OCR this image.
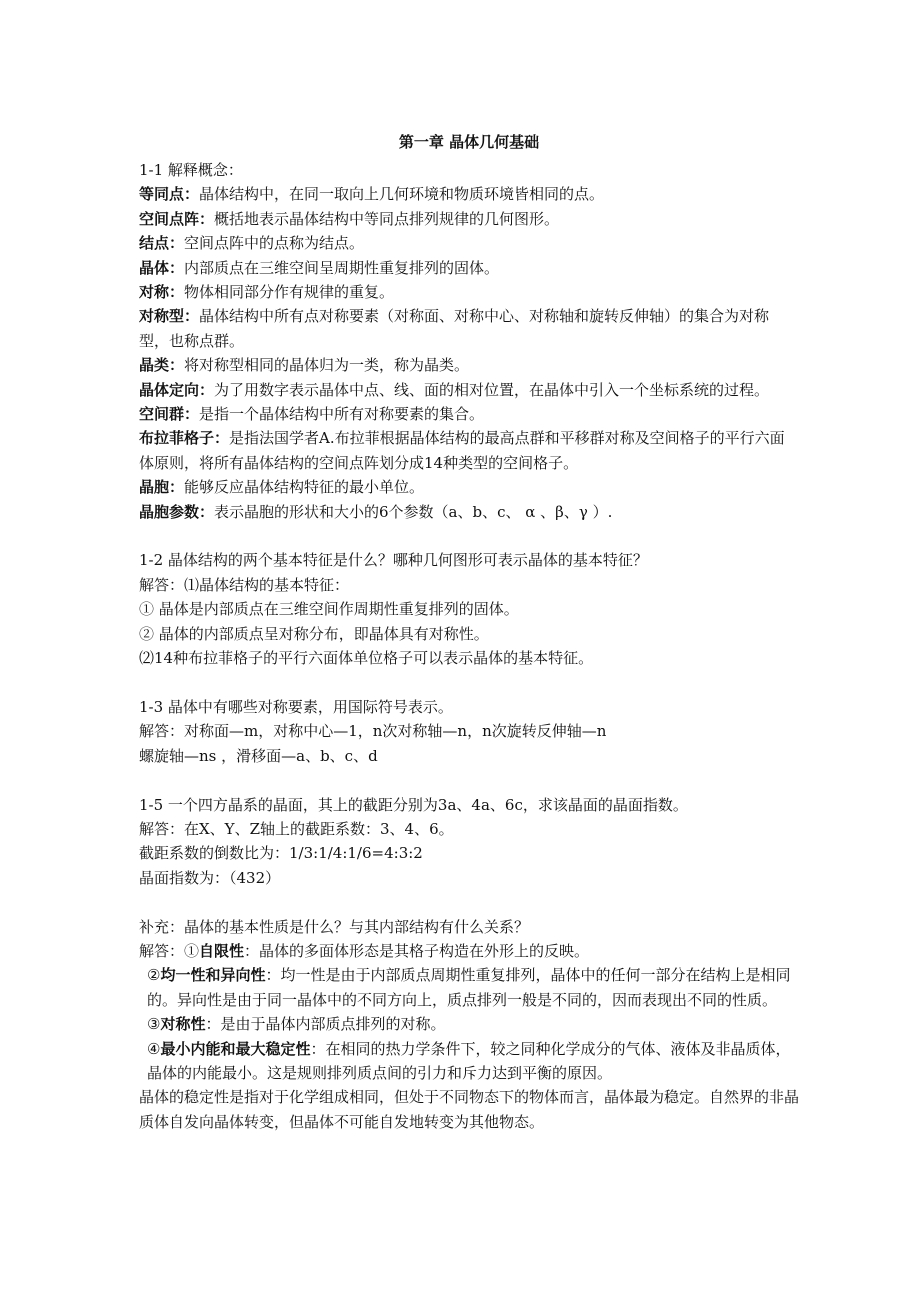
第一章 晶体几何基础

1-1 解释概念：

等同点：晶体结构中，在同一取向上几何环境和物质环境皆相同的点。

空间点阵：概括地表示晶体结构中等同点排列规律的几何图形。

结点：空间点阵中的点称为结点。

晶体：内部质点在三维空间呈周期性重复排列的固体。

对称：物体相同部分作有规律的重复。

对称型：晶体结构中所有点对称要素（对称面、对称中心、对称轴和旋转反伸轴）的集合为对称型，也称点群。

晶类：将对称型相同的晶体归为一类，称为晶类。

晶体定向：为了用数字表示晶体中点、线、面的相对位置，在晶体中引入一个坐标系统的过程。

空间群：是指一个晶体结构中所有对称要素的集合。

布拉菲格子：是指法国学者A.布拉菲根据晶体结构的最高点群和平移群对称及空间格子的平行六面体原则，将所有晶体结构的空间点阵划分成14种类型的空间格子。

晶胞：能够反应晶体结构特征的最小单位。

晶胞参数：表示晶胞的形状和大小的6个参数（a、b、c、 α 、β、γ ）.

1-2 晶体结构的两个基本特征是什么？哪种几何图形可表示晶体的基本特征？

解答：⑴晶体结构的基本特征：

① 晶体是内部质点在三维空间作周期性重复排列的固体。

② 晶体的内部质点呈对称分布，即晶体具有对称性。

⑵14种布拉菲格子的平行六面体单位格子可以表示晶体的基本特征。

1-3 晶体中有哪些对称要素，用国际符号表示。

解答：对称面—m，对称中心—1，n次对称轴—n，n次旋转反伸轴—n

螺旋轴—ns ，滑移面—a、b、c、d

1-5 一个四方晶系的晶面，其上的截距分别为3a、4a、6c，求该晶面的晶面指数。

解答：在X、Y、Z轴上的截距系数：3、4、6。

截距系数的倒数比为：1/3:1/4:1/6=4:3:2

晶面指数为：（432）

补充：晶体的基本性质是什么？与其内部结构有什么关系？

解答：①自限性：晶体的多面体形态是其格子构造在外形上的反映。

②均一性和异向性：均一性是由于内部质点周期性重复排列，晶体中的任何一部分在结构上是相同的。异向性是由于同一晶体中的不同方向上，质点排列一般是不同的，因而表现出不同的性质。

③对称性：是由于晶体内部质点排列的对称。

④最小内能和最大稳定性：在相同的热力学条件下，较之同种化学成分的气体、液体及非晶质体，晶体的内能最小。这是规则排列质点间的引力和斥力达到平衡的原因。

晶体的稳定性是指对于化学组成相同，但处于不同物态下的物体而言，晶体最为稳定。自然界的非晶质体自发向晶体转变，但晶体不可能自发地转变为其他物态。
